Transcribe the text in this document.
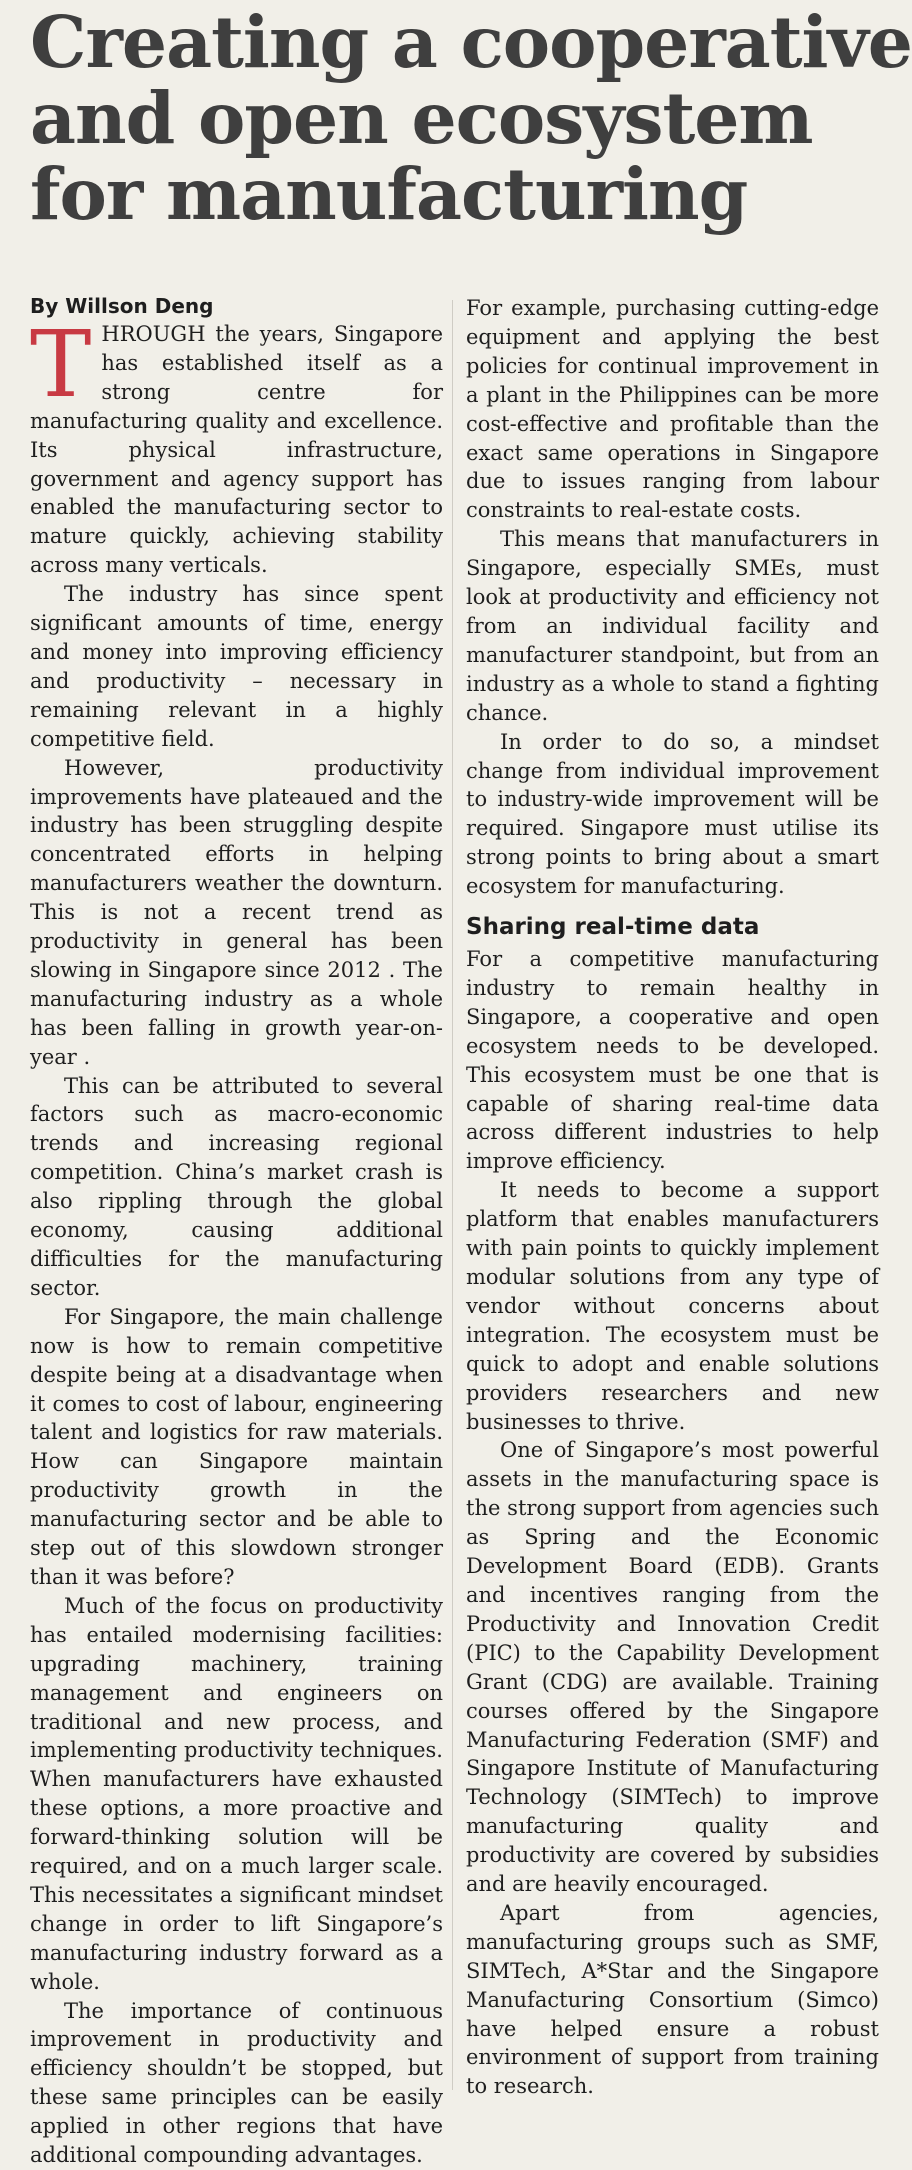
Creating a cooperative
and open ecosystem
for manufacturing
By Willson Deng

THROUGH the years, Singapore has established itself as a strong centre for manufacturing quality and excellence. Its physical infrastructure, government and agency support has enabled the manufacturing sector to mature quickly, achieving stability across many verticals.

The industry has since spent significant amounts of time, energy and money into improving efficiency and productivity – necessary in remaining relevant in a highly competitive field.

However, productivity improvements have plateaued and the industry has been struggling despite concentrated efforts in helping manufacturers weather the downturn. This is not a recent trend as productivity in general has been slowing in Singapore since 2012 . The manufacturing industry as a whole has been falling in growth year-on-year .

This can be attributed to several factors such as macro-economic trends and increasing regional competition. China’s market crash is also rippling through the global economy, causing additional difficulties for the manufacturing sector.

For Singapore, the main challenge now is how to remain competitive despite being at a disadvantage when it comes to cost of labour, engineering talent and logistics for raw materials. How can Singapore maintain productivity growth in the manufacturing sector and be able to step out of this slowdown stronger than it was before?

Much of the focus on productivity has entailed modernising facilities: upgrading machinery, training management and engineers on traditional and new process, and implementing productivity techniques. When manufacturers have exhausted these options, a more proactive and forward-thinking solution will be required, and on a much larger scale. This necessitates a significant mindset change in order to lift Singapore’s manufacturing industry forward as a whole.

The importance of continuous improvement in productivity and efficiency shouldn’t be stopped, but these same principles can be easily applied in other regions that have additional compounding advantages.

For example, purchasing cutting-edge equipment and applying the best policies for continual improvement in a plant in the Philippines can be more cost-effective and profitable than the exact same operations in Singapore due to issues ranging from labour constraints to real-estate costs.

This means that manufacturers in Singapore, especially SMEs, must look at productivity and efficiency not from an individual facility and manufacturer standpoint, but from an industry as a whole to stand a fighting chance.

In order to do so, a mindset change from individual improvement to industry-wide improvement will be required. Singapore must utilise its strong points to bring about a smart ecosystem for manufacturing.

Sharing real-time data

For a competitive manufacturing industry to remain healthy in Singapore, a cooperative and open ecosystem needs to be developed. This ecosystem must be one that is capable of sharing real-time data across different industries to help improve efficiency.

It needs to become a support platform that enables manufacturers with pain points to quickly implement modular solutions from any type of vendor without concerns about integration. The ecosystem must be quick to adopt and enable solutions providers researchers and new businesses to thrive.

One of Singapore’s most powerful assets in the manufacturing space is the strong support from agencies such as Spring and the Economic Development Board (EDB). Grants and incentives ranging from the Productivity and Innovation Credit (PIC) to the Capability Development Grant (CDG) are available. Training courses offered by the Singapore Manufacturing Federation (SMF) and Singapore Institute of Manufacturing Technology (SIMTech) to improve manufacturing quality and productivity are covered by subsidies and are heavily encouraged.

Apart from agencies, manufacturing groups such as SMF, SIMTech, A*Star and the Singapore Manufacturing Consortium (Simco) have helped ensure a robust environment of support from training to research.
